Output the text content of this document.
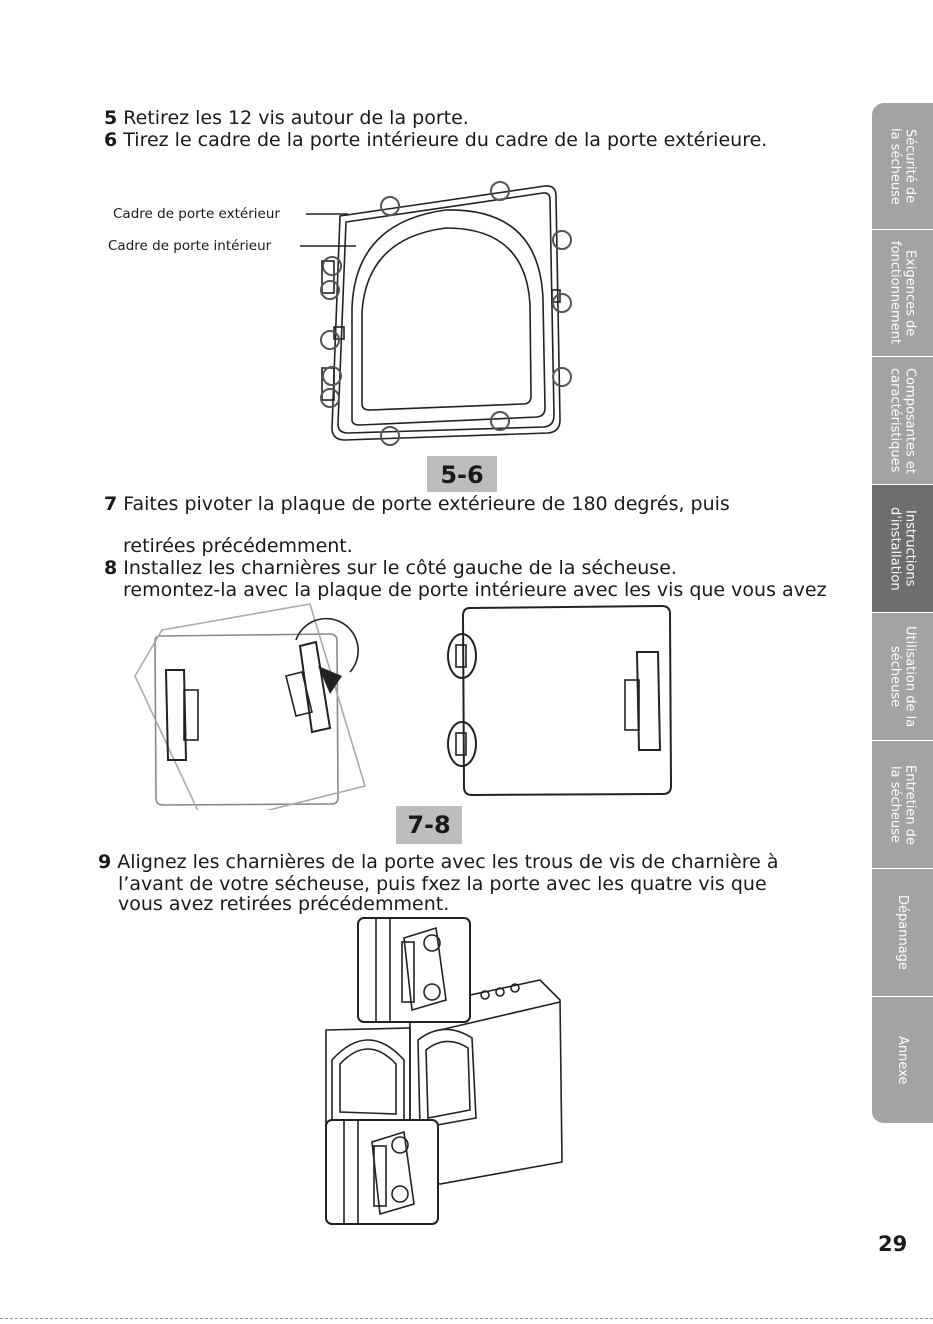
5 Retirez les 12 vis autour de la porte.
6 Tirez le cadre de la porte intérieure du cadre de la porte extérieure.
Cadre de porte extérieur
Cadre de porte intérieur
5-6
7 Faites pivoter la plaque de porte extérieure de 180 degrés, puis
retirées précédemment.
8 Installez les charnières sur le côté gauche de la sécheuse.
remontez-la avec la plaque de porte intérieure avec les vis que vous avez
7-8
9 Alignez les charnières de la porte avec les trous de vis de charnière à
l’avant de votre sécheuse, puis fxez la porte avec les quatre vis que
vous avez retirées précédemment.
Sécurité de
la sécheuse
Exigences de
fonctionnement
Composantes et
caractéristiques
Instructions
d'installation
Utilisation de la
sécheuse
Entretien de
la sécheuse
Dépannage
Annexe
29
